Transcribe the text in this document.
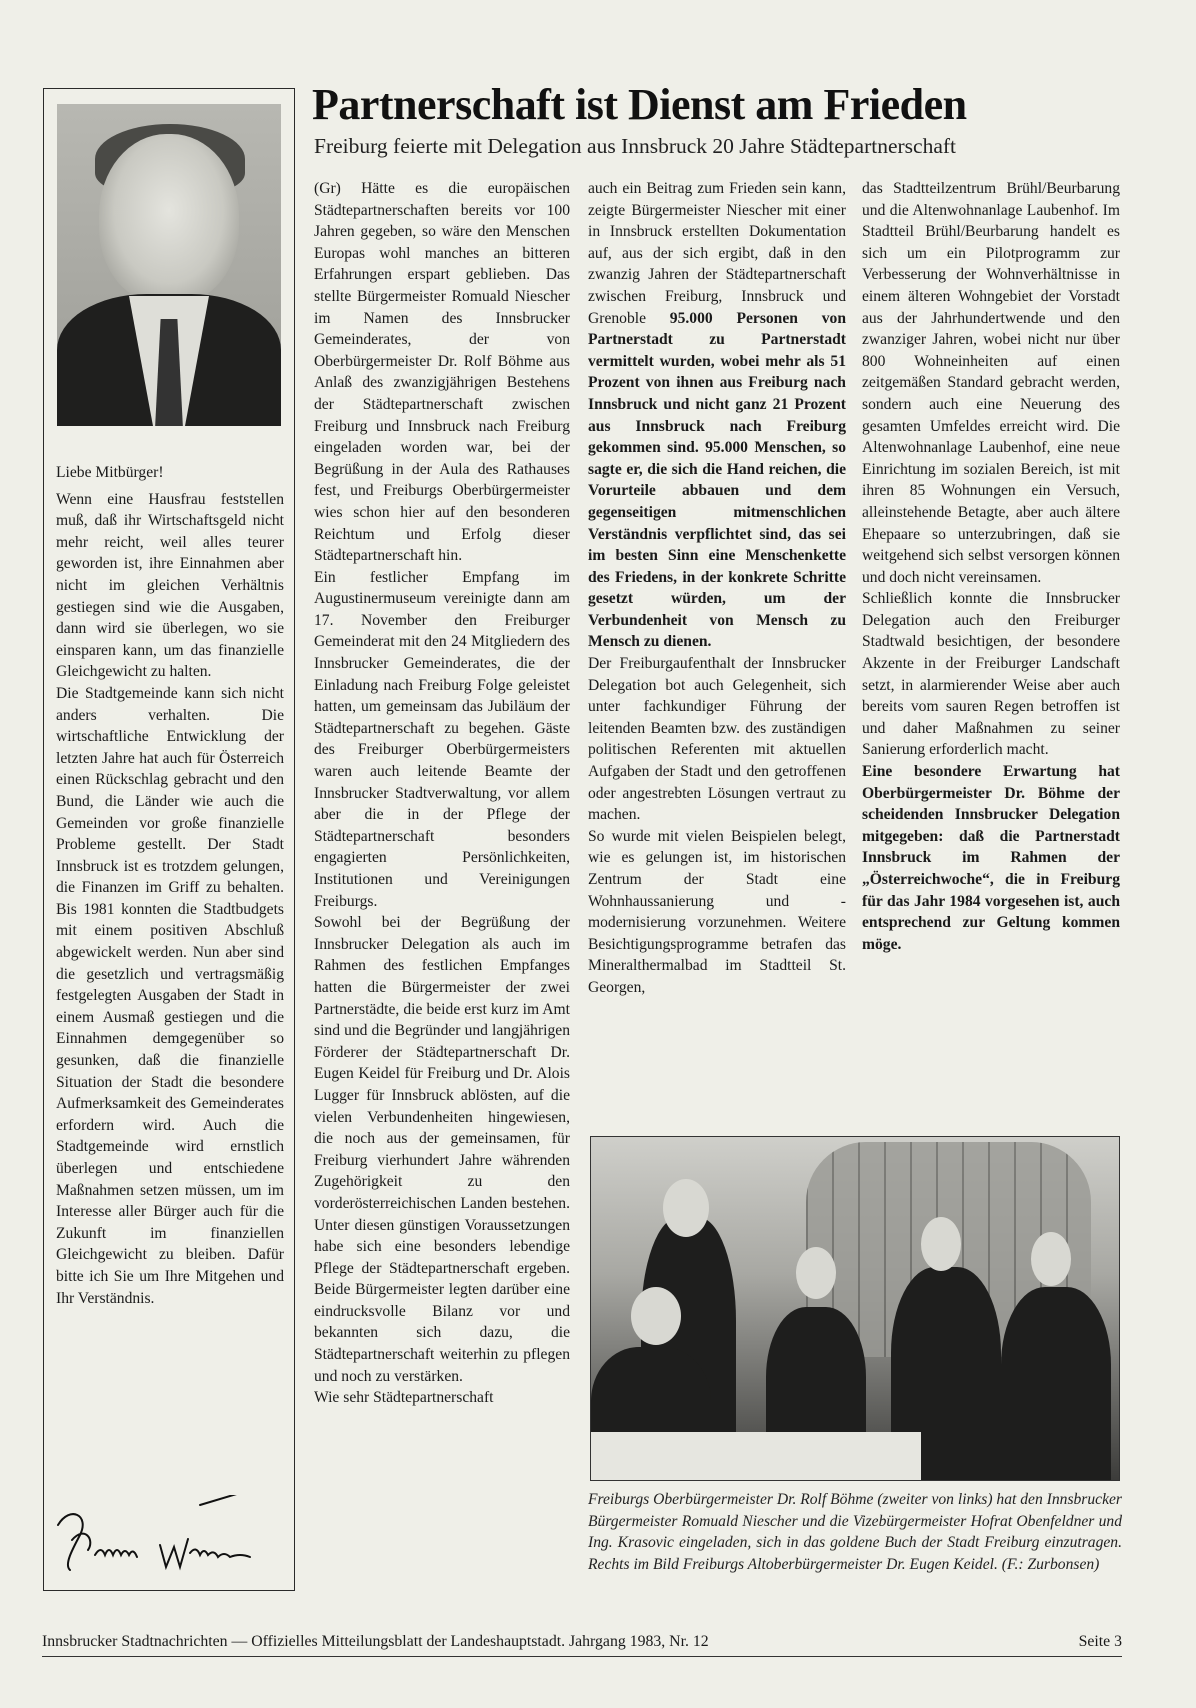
Liebe Mitbürger!

Wenn eine Hausfrau feststellen muß, daß ihr Wirtschaftsgeld nicht mehr reicht, weil alles teurer geworden ist, ihre Einnahmen aber nicht im gleichen Verhältnis gestiegen sind wie die Ausgaben, dann wird sie überlegen, wo sie einsparen kann, um das finanzielle Gleichgewicht zu halten.

Die Stadtgemeinde kann sich nicht anders verhalten. Die wirtschaftliche Entwicklung der letzten Jahre hat auch für Österreich einen Rückschlag gebracht und den Bund, die Länder wie auch die Gemeinden vor große finanzielle Probleme gestellt. Der Stadt Innsbruck ist es trotzdem gelungen, die Finanzen im Griff zu behalten. Bis 1981 konnten die Stadtbudgets mit einem positiven Abschluß abgewickelt werden. Nun aber sind die gesetzlich und vertragsmäßig festgelegten Ausgaben der Stadt in einem Ausmaß gestiegen und die Einnahmen demgegenüber so gesunken, daß die finanzielle Situation der Stadt die besondere Aufmerksamkeit des Gemeinderates erfordern wird. Auch die Stadtgemeinde wird ernstlich überlegen und entschiedene Maßnahmen setzen müssen, um im Interesse aller Bürger auch für die Zukunft im finanziellen Gleichgewicht zu bleiben. Dafür bitte ich Sie um Ihre Mitgehen und Ihr Verständnis.

Partnerschaft ist Dienst am Frieden
Freiburg feierte mit Delegation aus Innsbruck 20 Jahre Städtepartnerschaft

(Gr) Hätte es die europäischen Städtepartnerschaften bereits vor 100 Jahren gegeben, so wäre den Menschen Europas wohl manches an bitteren Erfahrungen erspart geblieben. Das stellte Bürgermeister Romuald Niescher im Namen des Innsbrucker Gemeinderates, der von Oberbürgermeister Dr. Rolf Böhme aus Anlaß des zwanzigjährigen Bestehens der Städtepartnerschaft zwischen Freiburg und Innsbruck nach Freiburg eingeladen worden war, bei der Begrüßung in der Aula des Rathauses fest, und Freiburgs Oberbürgermeister wies schon hier auf den besonderen Reichtum und Erfolg dieser Städtepartnerschaft hin.

Ein festlicher Empfang im Augustinermuseum vereinigte dann am 17. November den Freiburger Gemeinderat mit den 24 Mitgliedern des Innsbrucker Gemeinderates, die der Einladung nach Freiburg Folge geleistet hatten, um gemeinsam das Jubiläum der Städtepartnerschaft zu begehen. Gäste des Freiburger Oberbürgermeisters waren auch leitende Beamte der Innsbrucker Stadtverwaltung, vor allem aber die in der Pflege der Städtepartnerschaft besonders engagierten Persönlichkeiten, Institutionen und Vereinigungen Freiburgs.

Sowohl bei der Begrüßung der Innsbrucker Delegation als auch im Rahmen des festlichen Empfanges hatten die Bürgermeister der zwei Partnerstädte, die beide erst kurz im Amt sind und die Begründer und langjährigen Förderer der Städtepartnerschaft Dr. Eugen Keidel für Freiburg und Dr. Alois Lugger für Innsbruck ablösten, auf die vielen Verbundenheiten hingewiesen, die noch aus der gemeinsamen, für Freiburg vierhundert Jahre währenden Zugehörigkeit zu den vorderösterreichischen Landen bestehen. Unter diesen günstigen Voraussetzungen habe sich eine besonders lebendige Pflege der Städtepartnerschaft ergeben. Beide Bürgermeister legten darüber eine eindrucksvolle Bilanz vor und bekannten sich dazu, die Städtepartnerschaft weiterhin zu pflegen und noch zu verstärken.

Wie sehr Städtepartnerschaft

auch ein Beitrag zum Frieden sein kann, zeigte Bürgermeister Niescher mit einer in Innsbruck erstellten Dokumentation auf, aus der sich ergibt, daß in den zwanzig Jahren der Städtepartnerschaft zwischen Freiburg, Innsbruck und Grenoble 95.000 Personen von Partnerstadt zu Partnerstadt vermittelt wurden, wobei mehr als 51 Prozent von ihnen aus Freiburg nach Innsbruck und nicht ganz 21 Prozent aus Innsbruck nach Freiburg gekommen sind. 95.000 Menschen, so sagte er, die sich die Hand reichen, die Vorurteile abbauen und dem gegenseitigen mitmenschlichen Verständnis verpflichtet sind, das sei im besten Sinn eine Menschenkette des Friedens, in der konkrete Schritte gesetzt würden, um der Verbundenheit von Mensch zu Mensch zu dienen.

Der Freiburgaufenthalt der Innsbrucker Delegation bot auch Gelegenheit, sich unter fachkundiger Führung der leitenden Beamten bzw. des zuständigen politischen Referenten mit aktuellen Aufgaben der Stadt und den getroffenen oder angestrebten Lösungen vertraut zu machen.

So wurde mit vielen Beispielen belegt, wie es gelungen ist, im historischen Zentrum der Stadt eine Wohnhaussanierung und -modernisierung vorzunehmen. Weitere Besichtigungsprogramme betrafen das Mineralthermalbad im Stadtteil St. Georgen,

das Stadtteilzentrum Brühl/Beurbarung und die Altenwohnanlage Laubenhof. Im Stadtteil Brühl/Beurbarung handelt es sich um ein Pilotprogramm zur Verbesserung der Wohnverhältnisse in einem älteren Wohngebiet der Vorstadt aus der Jahrhundertwende und den zwanziger Jahren, wobei nicht nur über 800 Wohneinheiten auf einen zeitgemäßen Standard gebracht werden, sondern auch eine Neuerung des gesamten Umfeldes erreicht wird. Die Altenwohnanlage Laubenhof, eine neue Einrichtung im sozialen Bereich, ist mit ihren 85 Wohnungen ein Versuch, alleinstehende Betagte, aber auch ältere Ehepaare so unterzubringen, daß sie weitgehend sich selbst versorgen können und doch nicht vereinsamen.

Schließlich konnte die Innsbrucker Delegation auch den Freiburger Stadtwald besichtigen, der besondere Akzente in der Freiburger Landschaft setzt, in alarmierender Weise aber auch bereits vom sauren Regen betroffen ist und daher Maßnahmen zu seiner Sanierung erforderlich macht.

Eine besondere Erwartung hat Oberbürgermeister Dr. Böhme der scheidenden Innsbrucker Delegation mitgegeben: daß die Partnerstadt Innsbruck im Rahmen der „Österreichwoche“, die in Freiburg für das Jahr 1984 vorgesehen ist, auch entsprechend zur Geltung kommen möge.

Freiburgs Oberbürgermeister Dr. Rolf Böhme (zweiter von links) hat den Innsbrucker Bürgermeister Romuald Niescher und die Vizebürgermeister Hofrat Obenfeldner und Ing. Krasovic eingeladen, sich in das goldene Buch der Stadt Freiburg einzutragen. Rechts im Bild Freiburgs Altoberbürgermeister Dr. Eugen Keidel. (F.: Zurbonsen)
Innsbrucker Stadtnachrichten — Offizielles Mitteilungsblatt der Landeshauptstadt. Jahrgang 1983, Nr. 12	Seite 3
